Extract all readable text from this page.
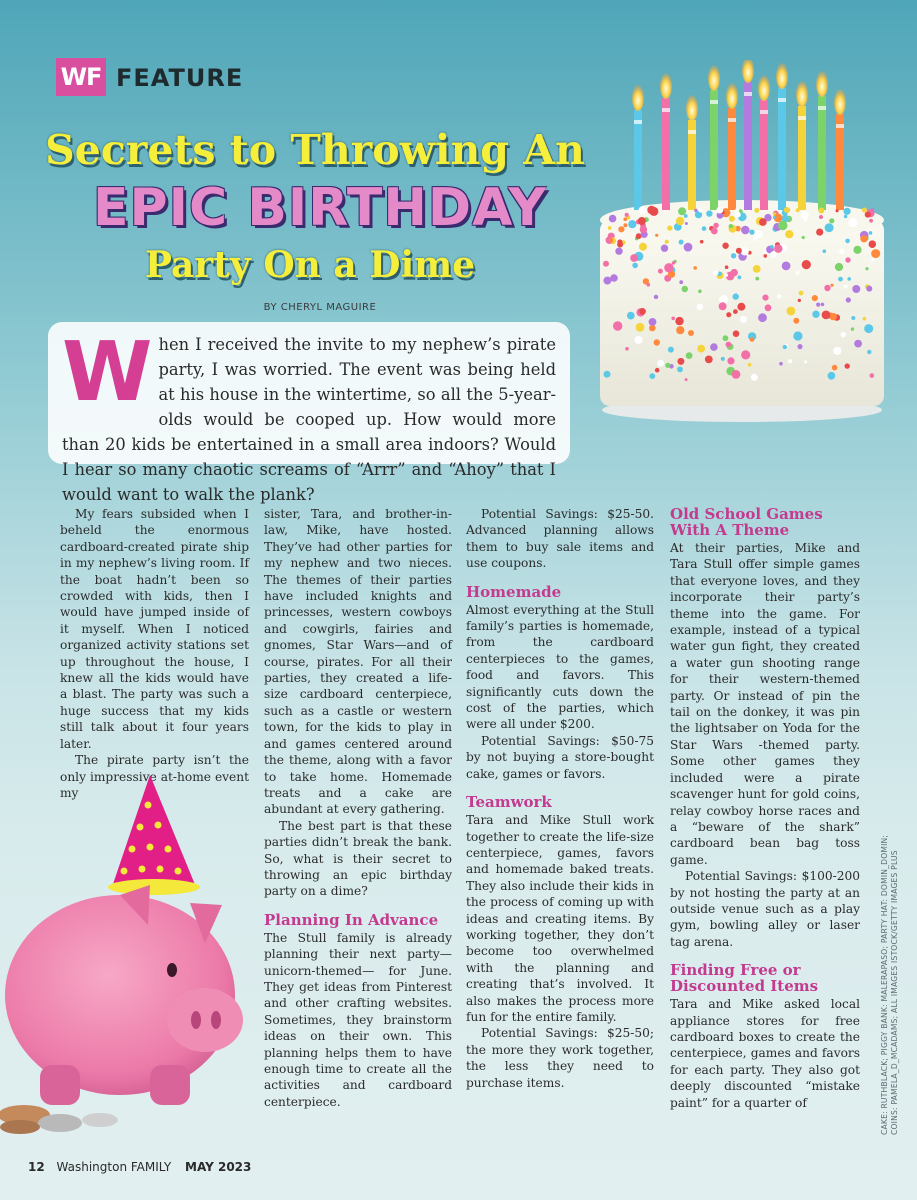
WF FEATURE
Secrets to Throwing An
EPIC BIRTHDAY
Party On a Dime
BY CHERYL MAGUIRE
W hen I received the invite to my nephew’s pirate party, I was worried. The event was being held at his house in the wintertime, so all the 5-year-olds would be cooped up. How would more than 20 kids be entertained in a small area indoors? Would I hear so many chaotic screams of “Arrr” and “Ahoy” that I would want to walk the plank?

My fears subsided when I beheld the enormous cardboard-created pirate ship in my nephew’s living room. If the boat hadn’t been so crowded with kids, then I would have jumped inside of it myself. When I noticed organized activity stations set up throughout the house, I knew all the kids would have a blast. The party was such a huge success that my kids still talk about it four years later.

The pirate party isn’t the only impressive at-home event my

sister, Tara, and brother-in-law, Mike, have hosted. They’ve had other parties for my nephew and two nieces. The themes of their parties have included knights and princesses, western cowboys and cowgirls, fairies and gnomes, Star Wars—and of course, pirates. For all their parties, they created a life-size cardboard centerpiece, such as a castle or western town, for the kids to play in and games centered around the theme, along with a favor to take home. Homemade treats and a cake are abundant at every gathering.

The best part is that these parties didn’t break the bank. So, what is their secret to throwing an epic birthday party on a dime?

Planning In Advance

The Stull family is already planning their next party—unicorn-themed— for June. They get ideas from Pinterest and other crafting websites. Sometimes, they brainstorm ideas on their own. This planning helps them to have enough time to create all the activities and cardboard centerpiece.

Potential Savings: $25-50. Advanced planning allows them to buy sale items and use coupons.

Homemade

Almost everything at the Stull family’s parties is homemade, from the cardboard centerpieces to the games, food and favors. This significantly cuts down the cost of the parties, which were all under $200.

Potential Savings: $50-75 by not buying a store-bought cake, games or favors.

Teamwork

Tara and Mike Stull work together to create the life-size centerpiece, games, favors and homemade baked treats. They also include their kids in the process of coming up with ideas and creating items. By working together, they don’t become too overwhelmed with the planning and creating that’s involved. It also makes the process more fun for the entire family.

Potential Savings: $25-50; the more they work together, the less they need to purchase items.

Old School Games With A Theme

At their parties, Mike and Tara Stull offer simple games that everyone loves, and they incorporate their party’s theme into the game. For example, instead of a typical water gun fight, they created a water gun shooting range for their western-themed party. Or instead of pin the tail on the donkey, it was pin the lightsaber on Yoda for the Star Wars -themed party. Some other games they included were a pirate scavenger hunt for gold coins, relay cowboy horse races and a “beware of the shark” cardboard bean bag toss game.

Potential Savings: $100-200 by not hosting the party at an outside venue such as a play gym, bowling alley or laser tag arena.

Finding Free or Discounted Items

Tara and Mike asked local appliance stores for free cardboard boxes to create the centerpiece, games and favors for each party. They also got deeply discounted “mistake paint” for a quarter of

12 Washington FAMILY MAY 2023
CAKE: RUTHBLACK; PIGGY BANK: MALERAPASO; PARTY HAT: DOMIN_DOMIN; COINS: PAMELA_D_MCADAMS; ALL IMAGES ISTOCK/GETTY IMAGES PLUS
